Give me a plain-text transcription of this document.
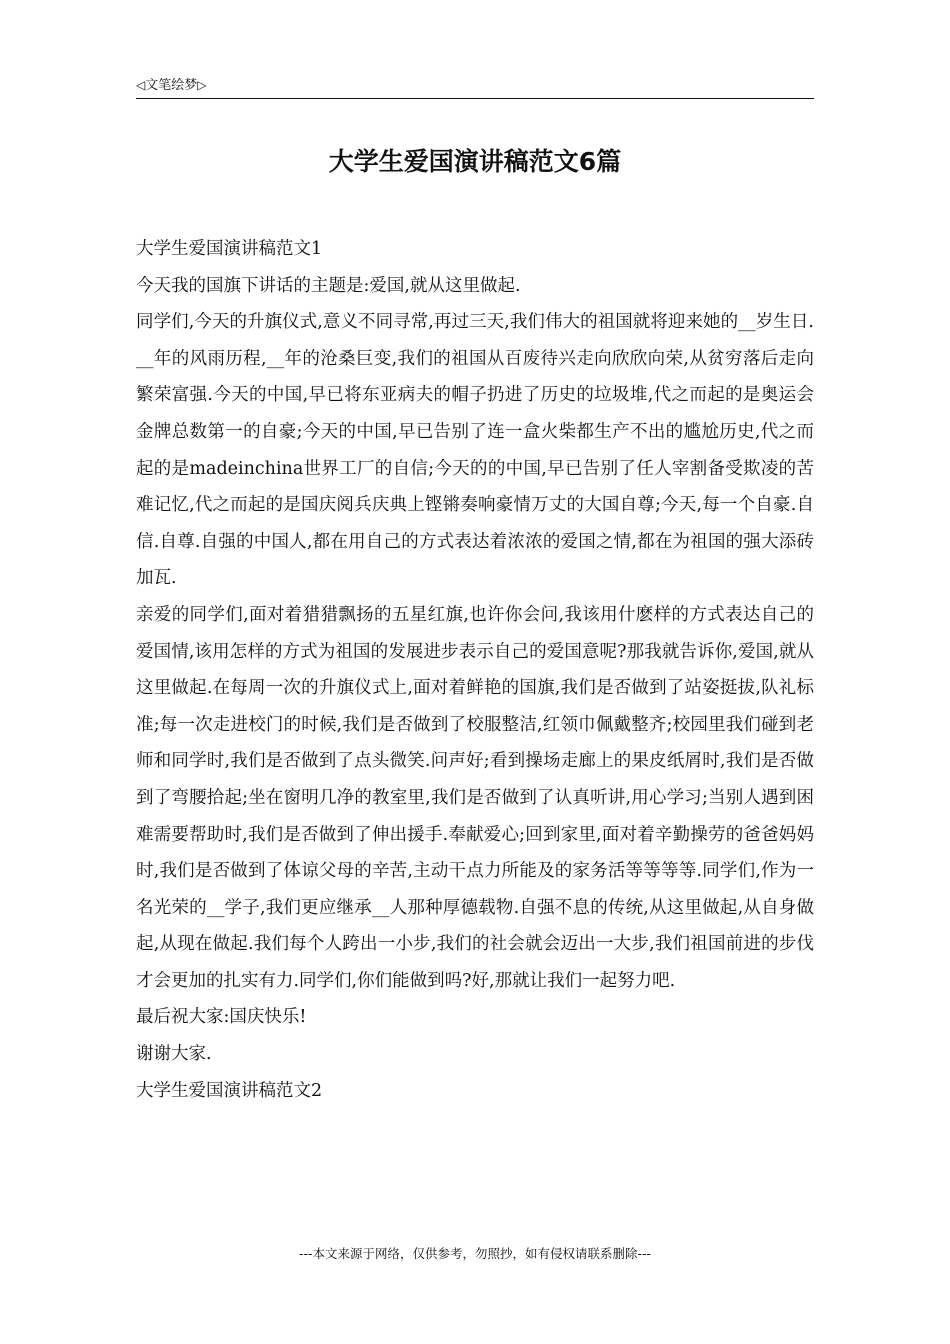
◁文笔绘梦▷
大学生爱国演讲稿范文6篇

大学生爱国演讲稿范文1

今天我的国旗下讲话的主题是:爱国,就从这里做起.

同学们,今天的升旗仪式,意义不同寻常,再过三天,我们伟大的祖国就将迎来她的__岁生日.__年的风雨历程,__年的沧桑巨变,我们的祖国从百废待兴走向欣欣向荣,从贫穷落后走向繁荣富强.今天的中国,早已将东亚病夫的帽子扔进了历史的垃圾堆,代之而起的是奥运会金牌总数第一的自豪;今天的中国,早已告别了连一盒火柴都生产不出的尴尬历史,代之而起的是madeinchina世界工厂的自信;今天的的中国,早已告别了任人宰割备受欺凌的苦难记忆,代之而起的是国庆阅兵庆典上铿锵奏响豪情万丈的大国自尊;今天,每一个自豪.自信.自尊.自强的中国人,都在用自己的方式表达着浓浓的爱国之情,都在为祖国的强大添砖加瓦.

亲爱的同学们,面对着猎猎飘扬的五星红旗,也许你会问,我该用什麽样的方式表达自己的爱国情,该用怎样的方式为祖国的发展进步表示自己的爱国意呢?那我就告诉你,爱国,就从这里做起.在每周一次的升旗仪式上,面对着鲜艳的国旗,我们是否做到了站姿挺拔,队礼标准;每一次走进校门的时候,我们是否做到了校服整洁,红领巾佩戴整齐;校园里我们碰到老师和同学时,我们是否做到了点头微笑.问声好;看到操场走廊上的果皮纸屑时,我们是否做到了弯腰拾起;坐在窗明几净的教室里,我们是否做到了认真听讲,用心学习;当别人遇到困难需要帮助时,我们是否做到了伸出援手.奉献爱心;回到家里,面对着辛勤操劳的爸爸妈妈时,我们是否做到了体谅父母的辛苦,主动干点力所能及的家务活等等等等.同学们,作为一名光荣的__学子,我们更应继承__人那种厚德载物.自强不息的传统,从这里做起,从自身做起,从现在做起.我们每个人跨出一小步,我们的社会就会迈出一大步,我们祖国前进的步伐才会更加的扎实有力.同学们,你们能做到吗?好,那就让我们一起努力吧.

最后祝大家:国庆快乐!

谢谢大家.

大学生爱国演讲稿范文2

---本文来源于网络，仅供参考，勿照抄，如有侵权请联系删除---
